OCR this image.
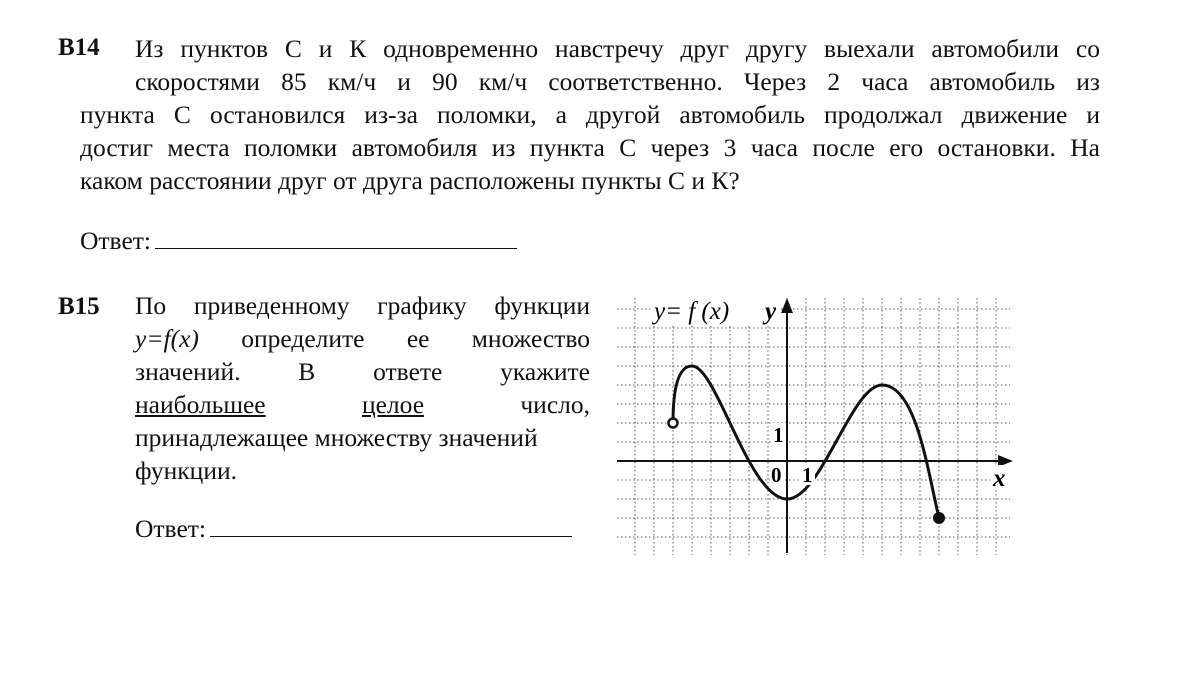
B14	Из пунктов С и К одновременно навстречу друг другу выехали автомобили со
скоростями 85 км/ч и 90 км/ч соответственно. Через 2 часа автомобиль из
пункта С остановился из-за поломки, а другой автомобиль продолжал движение и
достиг места поломки автомобиля из пункта С через 3 часа после его остановки. На
каком расстоянии друг от друга расположены пункты С и К?
Ответ:
B15 По приведенному графику функции
y=f(x) определите ее множество
значений. В ответе укажите
наибольшее	целое	число,
принадлежащее множеству значений
функции.
Ответ:
y= f (x) y
x
0 1
1
